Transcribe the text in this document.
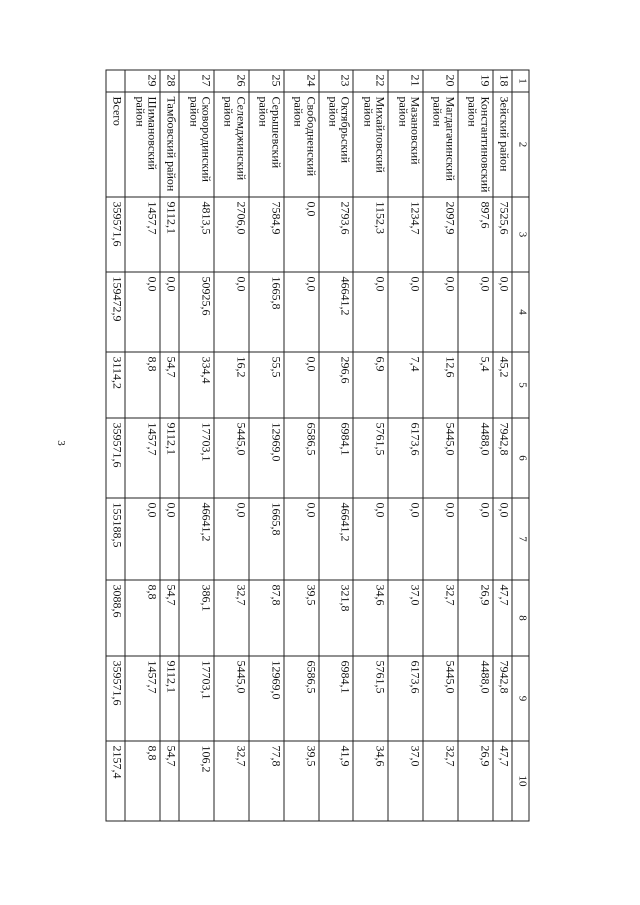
3
1	2	3	4	5	6	7	8	9	10
18	Зейский район	7525,6	0,0	45,2	7942,8	0,0	47,7	7942,8	47,7
19	Константиновский район	897,6	0,0	5,4	4488,0	0,0	26,9	4488,0	26,9
20	Магдагачинский район	2097,9	0,0	12,6	5445,0	0,0	32,7	5445,0	32,7
21	Мазановский район	1234,7	0,0	7,4	6173,6	0,0	37,0	6173,6	37,0
22	Михайловский район	1152,3	0,0	6,9	5761,5	0,0	34,6	5761,5	34,6
23	Октябрьский район	2793,6	46641,2	296,6	6984,1	46641,2	321,8	6984,1	41,9
24	Свободненский район	0,0	0,0	0,0	6586,5	0,0	39,5	6586,5	39,5
25	Серышевский район	7584,9	1665,8	55,5	12969,0	1665,8	87,8	12969,0	77,8
26	Селемджинский район	2706,0	0,0	16,2	5445,0	0,0	32,7	5445,0	32,7
27	Сковородинский район	4813,5	50925,6	334,4	17703,1	46641,2	386,1	17703,1	106,2
28	Тамбовский район	9112,1	0,0	54,7	9112,1	0,0	54,7	9112,1	54,7
29	Шимановский район	1457,7	0,0	8,8	1457,7	0,0	8,8	1457,7	8,8
	Всего	359571,6	159472,9	3114,2	359571,6	155188,5	3088,6	359571,6	2157,4
